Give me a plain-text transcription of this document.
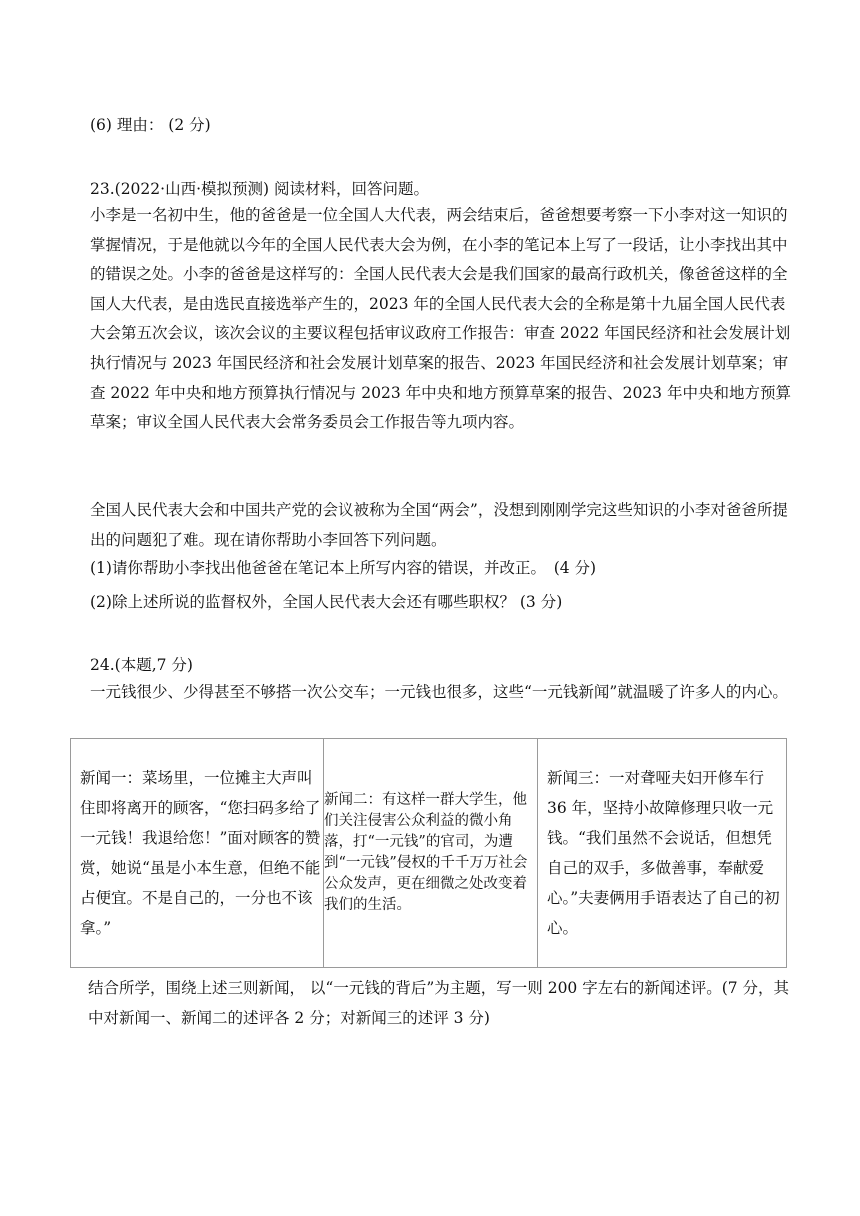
(6) 理由： (2 分)
23.(2022·山西·模拟预测) 阅读材料，回答问题。

小李是一名初中生，他的爸爸是一位全国人大代表，两会结束后，爸爸想要考察一下小李对这一知识的掌握情况，于是他就以今年的全国人民代表大会为例，在小李的笔记本上写了一段话，让小李找出其中的错误之处。小李的爸爸是这样写的：全国人民代表大会是我们国家的最高行政机关，像爸爸这样的全国人大代表，是由选民直接选举产生的，2023 年的全国人民代表大会的全称是第十九届全国人民代表大会第五次会议，该次会议的主要议程包括审议政府工作报告：审查 2022 年国民经济和社会发展计划执行情况与 2023 年国民经济和社会发展计划草案的报告、2023 年国民经济和社会发展计划草案；审查 2022 年中央和地方预算执行情况与 2023 年中央和地方预算草案的报告、2023 年中央和地方预算草案；审议全国人民代表大会常务委员会工作报告等九项内容。

全国人民代表大会和中国共产党的会议被称为全国“两会”，没想到刚刚学完这些知识的小李对爸爸所提出的问题犯了难。现在请你帮助小李回答下列问题。

(1)请你帮助小李找出他爸爸在笔记本上所写内容的错误，并改正。　(4 分)
(2)除上述所说的监督权外，全国人民代表大会还有哪些职权？ (3 分)
24.(本题,7 分)

一元钱很少、少得甚至不够搭一次公交车；一元钱也很多，这些“一元钱新闻”就温暖了许多人的内心。

新闻一：菜场里，一位摊主大声叫住即将离开的顾客，“您扫码多给了一元钱！我退给您！”面对顾客的赞赏，她说“虽是小本生意，但绝不能占便宜。不是自己的，一分也不该拿。”

新闻二：有这样一群大学生，他们关注侵害公众利益的微小角落，打“一元钱”的官司，为遭到“一元钱”侵权的千千万万社会公众发声，更在细微之处改变着我们的生活。

新闻三：一对聋哑夫妇开修车行 36 年，坚持小故障修理只收一元钱。“我们虽然不会说话，但想凭自己的双手，多做善事，奉献爱心。”夫妻俩用手语表达了自己的初心。

结合所学，围绕上述三则新闻， 以“一元钱的背后”为主题，写一则 200 字左右的新闻述评。(7 分，其中对新闻一、新闻二的述评各 2 分；对新闻三的述评 3 分)
